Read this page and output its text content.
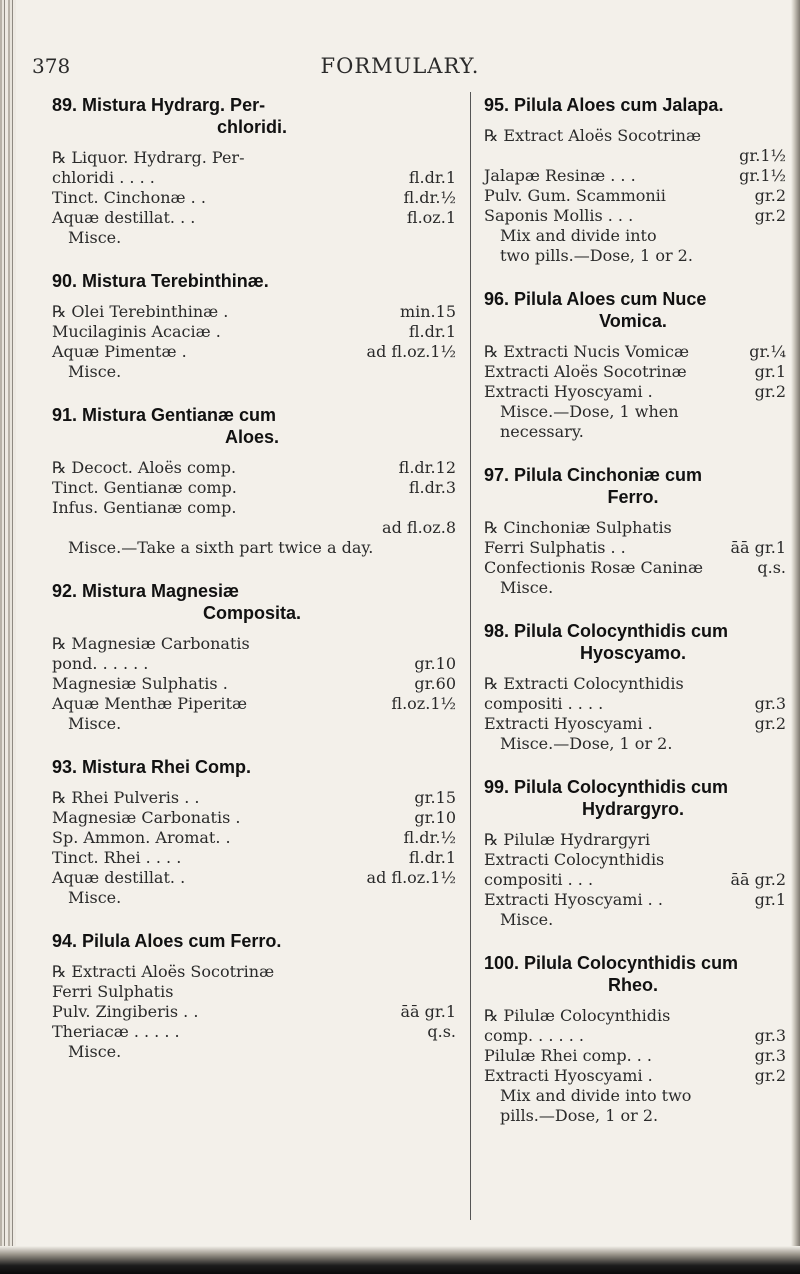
378	FORMULARY.
89. Mistura Hydrarg. Per-
chloridi.
℞ Liquor. Hydrarg. Per-
chloridi . . . .	fl.dr.1
Tinct. Cinchonæ . .	fl.dr.½
Aquæ destillat. . .	fl.oz.1
Misce.
90. Mistura Terebinthinæ.
℞ Olei Terebinthinæ .	min.15
Mucilaginis Acaciæ .	fl.dr.1
Aquæ Pimentæ .	ad fl.oz.1½
Misce.
91. Mistura Gentianæ cum
Aloes.
℞ Decoct. Aloës comp.	fl.dr.12
Tinct. Gentianæ comp.	fl.dr.3
Infus. Gentianæ comp.
ad fl.oz.8
Misce.—Take a sixth part twice a day.
92. Mistura Magnesiæ
Composita.
℞ Magnesiæ Carbonatis
pond. . . . . .	gr.10
Magnesiæ Sulphatis .	gr.60
Aquæ Menthæ Piperitæ	fl.oz.1½
Misce.
93. Mistura Rhei Comp.
℞ Rhei Pulveris . .	gr.15
Magnesiæ Carbonatis .	gr.10
Sp. Ammon. Aromat. .	fl.dr.½
Tinct. Rhei . . . .	fl.dr.1
Aquæ destillat. .	ad fl.oz.1½
Misce.
94. Pilula Aloes cum Ferro.
℞ Extracti Aloës Socotrinæ
Ferri Sulphatis
Pulv. Zingiberis . .	āā gr.1
Theriacæ . . . . .	q.s.
Misce.
95. Pilula Aloes cum Jalapa.
℞ Extract Aloës Socotrinæ
gr.1½
Jalapæ Resinæ . . .	gr.1½
Pulv. Gum. Scammonii	gr.2
Saponis Mollis . . .	gr.2
Mix and divide into
two pills.—Dose, 1 or 2.
96. Pilula Aloes cum Nuce
Vomica.
℞ Extracti Nucis Vomicæ	gr.¼
Extracti Aloës Socotrinæ	gr.1
Extracti Hyoscyami .	gr.2
Misce.—Dose, 1 when
necessary.
97. Pilula Cinchoniæ cum
Ferro.
℞ Cinchoniæ Sulphatis
Ferri Sulphatis . .	āā gr.1
Confectionis Rosæ Caninæ	q.s.
Misce.
98. Pilula Colocynthidis cum
Hyoscyamo.
℞ Extracti Colocynthidis
compositi . . . .	gr.3
Extracti Hyoscyami .	gr.2
Misce.—Dose, 1 or 2.
99. Pilula Colocynthidis cum
Hydrargyro.
℞ Pilulæ Hydrargyri
Extracti Colocynthidis
compositi . . .	āā gr.2
Extracti Hyoscyami . .	gr.1
Misce.
100. Pilula Colocynthidis cum
Rheo.
℞ Pilulæ Colocynthidis
comp. . . . . .	gr.3
Pilulæ Rhei comp. . .	gr.3
Extracti Hyoscyami .	gr.2
Mix and divide into two
pills.—Dose, 1 or 2.
